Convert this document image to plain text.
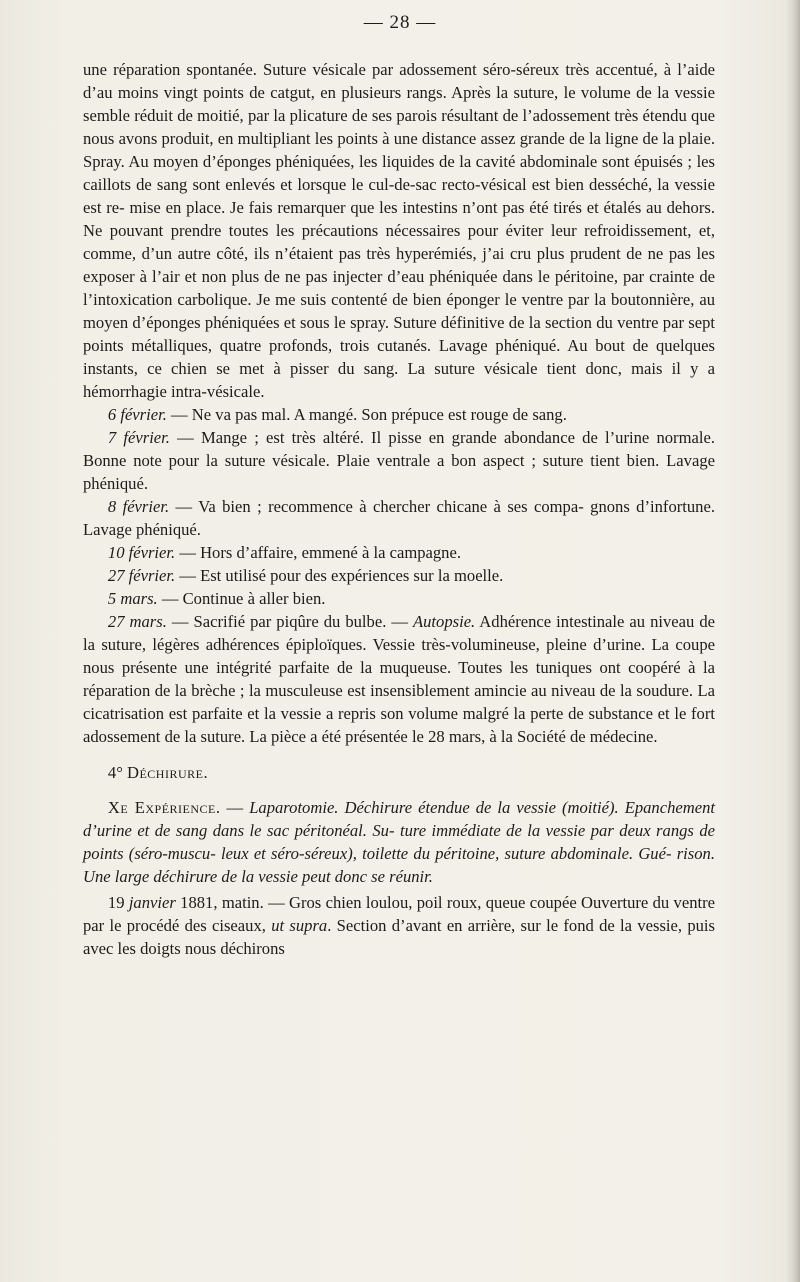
— 28 —

une réparation spontanée. Suture vésicale par adossement séro-séreux très accentué, à l’aide d’au moins vingt points de catgut, en plusieurs rangs. Après la suture, le volume de la vessie semble réduit de moitié, par la plicature de ses parois résultant de l’adossement très étendu que nous avons produit, en multipliant les points à une distance assez grande de la ligne de la plaie. Spray. Au moyen d’éponges phéniquées, les liquides de la cavité abdominale sont épuisés ; les caillots de sang sont enlevés et lorsque le cul-de-sac recto-vésical est bien desséché, la vessie est re- mise en place. Je fais remarquer que les intestins n’ont pas été tirés et étalés au dehors. Ne pouvant prendre toutes les précautions nécessaires pour éviter leur refroidissement, et, comme, d’un autre côté, ils n’étaient pas très hyperémiés, j’ai cru plus prudent de ne pas les exposer à l’air et non plus de ne pas injecter d’eau phéniquée dans le péritoine, par crainte de l’intoxication carbolique. Je me suis contenté de bien éponger le ventre par la boutonnière, au moyen d’éponges phéniquées et sous le spray. Suture définitive de la section du ventre par sept points métalliques, quatre profonds, trois cutanés. Lavage phéniqué. Au bout de quelques instants, ce chien se met à pisser du sang. La suture vésicale tient donc, mais il y a hémorrhagie intra-vésicale.

6 février. — Ne va pas mal. A mangé. Son prépuce est rouge de sang.

7 février. — Mange ; est très altéré. Il pisse en grande abondance de l’urine normale. Bonne note pour la suture vésicale. Plaie ventrale a bon aspect ; suture tient bien. Lavage phéniqué.

8 février. — Va bien ; recommence à chercher chicane à ses compa- gnons d’infortune. Lavage phéniqué.

10 février. — Hors d’affaire, emmené à la campagne.

27 février. — Est utilisé pour des expériences sur la moelle.

5 mars. — Continue à aller bien.

27 mars. — Sacrifié par piqûre du bulbe. — Autopsie. Adhérence intestinale au niveau de la suture, légères adhérences épiploïques. Vessie très-volumineuse, pleine d’urine. La coupe nous présente une intégrité parfaite de la muqueuse. Toutes les tuniques ont coopéré à la réparation de la brèche ; la musculeuse est insensiblement amincie au niveau de la soudure. La cicatrisation est parfaite et la vessie a repris son volume malgré la perte de substance et le fort adossement de la suture. La pièce a été présentée le 28 mars, à la Société de médecine.

4° Déchirure.

Xe Expérience. — Laparotomie. Déchirure étendue de la vessie (moitié). Epanchement d’urine et de sang dans le sac péritonéal. Su- ture immédiate de la vessie par deux rangs de points (séro-muscu- leux et séro-séreux), toilette du péritoine, suture abdominale. Gué- rison. Une large déchirure de la vessie peut donc se réunir.

19 janvier 1881, matin. — Gros chien loulou, poil roux, queue coupée Ouverture du ventre par le procédé des ciseaux, ut supra. Section d’avant en arrière, sur le fond de la vessie, puis avec les doigts nous déchirons
